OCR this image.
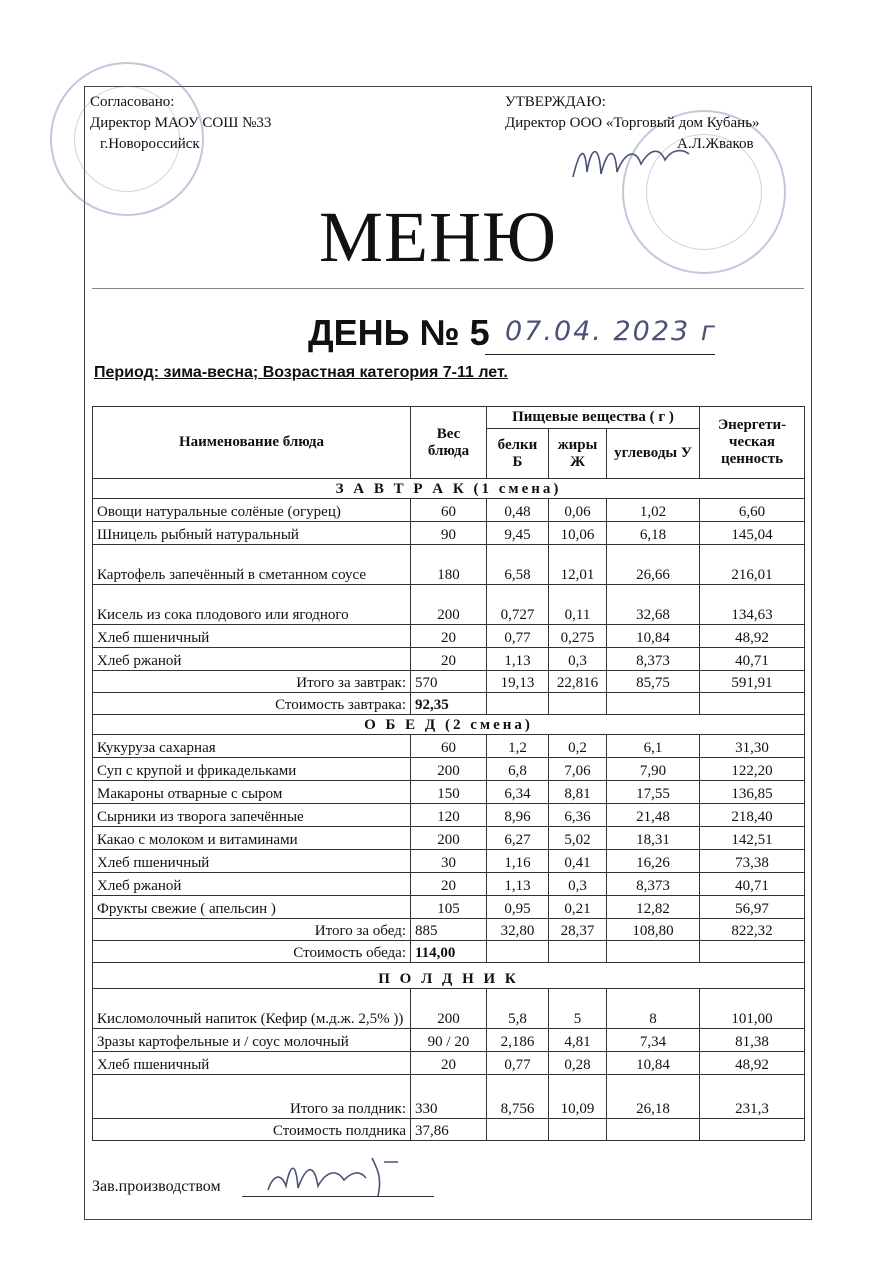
Согласовано:
Директор МАОУ СОШ №33
г.Новороссийск
УТВЕРЖДАЮ:
Директор ООО «Торговый дом Кубань»
А.Л.Жваков
МЕНЮ
ДЕНЬ № 5 07.04. 2023 г
Период: зима-весна; Возрастная категория 7-11 лет.
Наименование блюда	Вес блюда	Пищевые вещества ( г )			Энергети-ческая ценность
		белки Б	жиры Ж	углеводы У	
З А В Т Р А К (1 смена)					
Овощи натуральные солёные (огурец)	60	0,48	0,06	1,02	6,60
Шницель рыбный натуральный	90	9,45	10,06	6,18	145,04
Картофель запечённый в сметанном соусе	180	6,58	12,01	26,66	216,01
Кисель из сока плодового или ягодного	200	0,727	0,11	32,68	134,63
Хлеб пшеничный	20	0,77	0,275	10,84	48,92
Хлеб ржаной	20	1,13	0,3	8,373	40,71
Итого за завтрак:	570	19,13	22,816	85,75	591,91
Стоимость завтрака:	92,35				
О Б Е Д (2 смена)					
Кукуруза сахарная	60	1,2	0,2	6,1	31,30
Суп с крупой и фрикадельками	200	6,8	7,06	7,90	122,20
Макароны отварные с сыром	150	6,34	8,81	17,55	136,85
Сырники из творога запечённые	120	8,96	6,36	21,48	218,40
Какао с молоком и витаминами	200	6,27	5,02	18,31	142,51
Хлеб пшеничный	30	1,16	0,41	16,26	73,38
Хлеб ржаной	20	1,13	0,3	8,373	40,71
Фрукты свежие ( апельсин )	105	0,95	0,21	12,82	56,97
Итого за обед:	885	32,80	28,37	108,80	822,32
Стоимость обеда:	114,00				
П О Л Д Н И К					
Кисломолочный напиток (Кефир (м.д.ж. 2,5% ))	200	5,8	5	8	101,00
Зразы картофельные и / соус молочный	90 / 20	2,186	4,81	7,34	81,38
Хлеб пшеничный	20	0,77	0,28	10,84	48,92
Итого за полдник:	330	8,756	10,09	26,18	231,3
Стоимость полдника	37,86				
Зав.производством
